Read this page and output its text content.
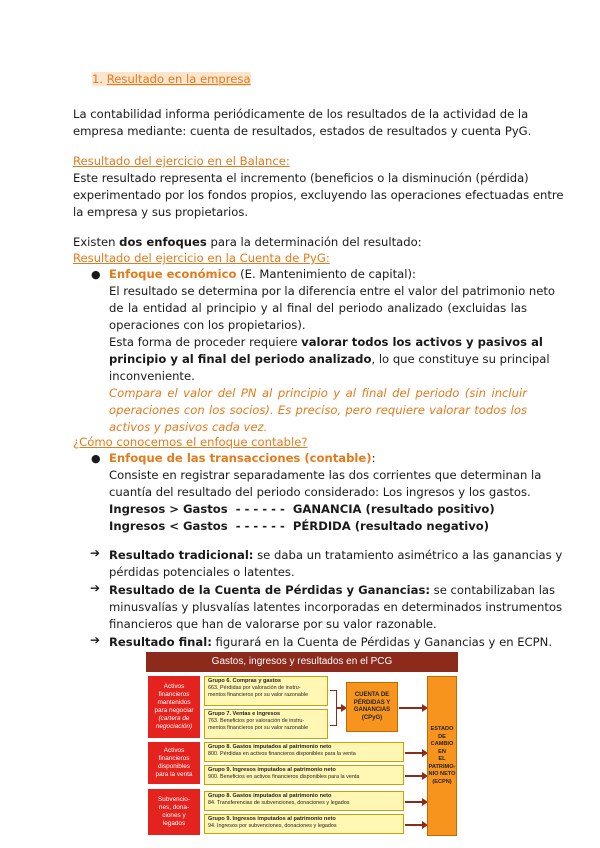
1. Resultado en la empresa
La contabilidad informa periódicamente de los resultados de la actividad de la
empresa mediante: cuenta de resultados, estados de resultados y cuenta PyG.
Resultado del ejercicio en el Balance:
Este resultado representa el incremento (beneficios o la disminución (pérdida)
experimentado por los fondos propios, excluyendo las operaciones efectuadas entre
la empresa y sus propietarios.
Existen dos enfoques para la determinación del resultado:
Resultado del ejercicio en la Cuenta de PyG:
● Enfoque económico (E. Mantenimiento de capital):
El resultado se determina por la diferencia entre el valor del patrimonio neto
de la entidad al principio y al final del periodo analizado (excluidas las
operaciones con los propietarios).
Esta forma de proceder requiere valorar todos los activos y pasivos al
principio y al final del periodo analizado, lo que constituye su principal
inconveniente.
Compara el valor del PN al principio y al final del periodo (sin incluir
operaciones con los socios). Es preciso, pero requiere valorar todos los
activos y pasivos cada vez.
¿Cómo conocemos el enfoque contable?
● Enfoque de las transacciones (contable):
Consiste en registrar separadamente las dos corrientes que determinan la
cuantía del resultado del periodo considerado: Los ingresos y los gastos.
Ingresos > Gastos  - - - - - -  GANANCIA (resultado positivo)
Ingresos < Gastos  - - - - - -  PÉRDIDA (resultado negativo)
➔ Resultado tradicional: se daba un tratamiento asimétrico a las ganancias y
pérdidas potenciales o latentes.
➔ Resultado de la Cuenta de Pérdidas y Ganancias: se contabilizaban las
minusvalías y plusvalías latentes incorporadas en determinados instrumentos
financieros que han de valorarse por su valor razonable.
➔ Resultado final: figurará en la Cuenta de Pérdidas y Ganancias y en ECPN.
Gastos, ingresos y resultados en el PCG
Activos
financieros
mantenidos
para negociar
(cartera de
negociación)
Activos
financieros
disponibles
para la venta
Subvencio-
nes, dona-
ciones y
legados
Grupo 6. Compras y gastos
663. Pérdidas por valoración de instru-
mentos financieros por su valor razonable
Grupo 7. Ventas e ingresos
763. Beneficios por valoración de instru-
mentos financieros por su valor razonable
Grupo 8. Gastos imputados al patrimonio neto
800. Pérdidas en activos financieros disponibles para la venta
Grupo 9. Ingresos imputados al patrimonio neto
900. Beneficios en activos financieros disponibles para la venta
Grupo 8. Gastos imputados al patrimonio neto
84. Transferencias de subvenciones, donaciones y legados
Grupo 9. Ingresos imputados al patrimonio neto
94. Ingresos por subvenciones, donaciones y legados
CUENTA DE
PÉRDIDAS Y
GANANCIAS
(CPyG)
ESTADO DE
CAMBIO EN
EL PATRIMO-
NIO NETO
(ECPN)
